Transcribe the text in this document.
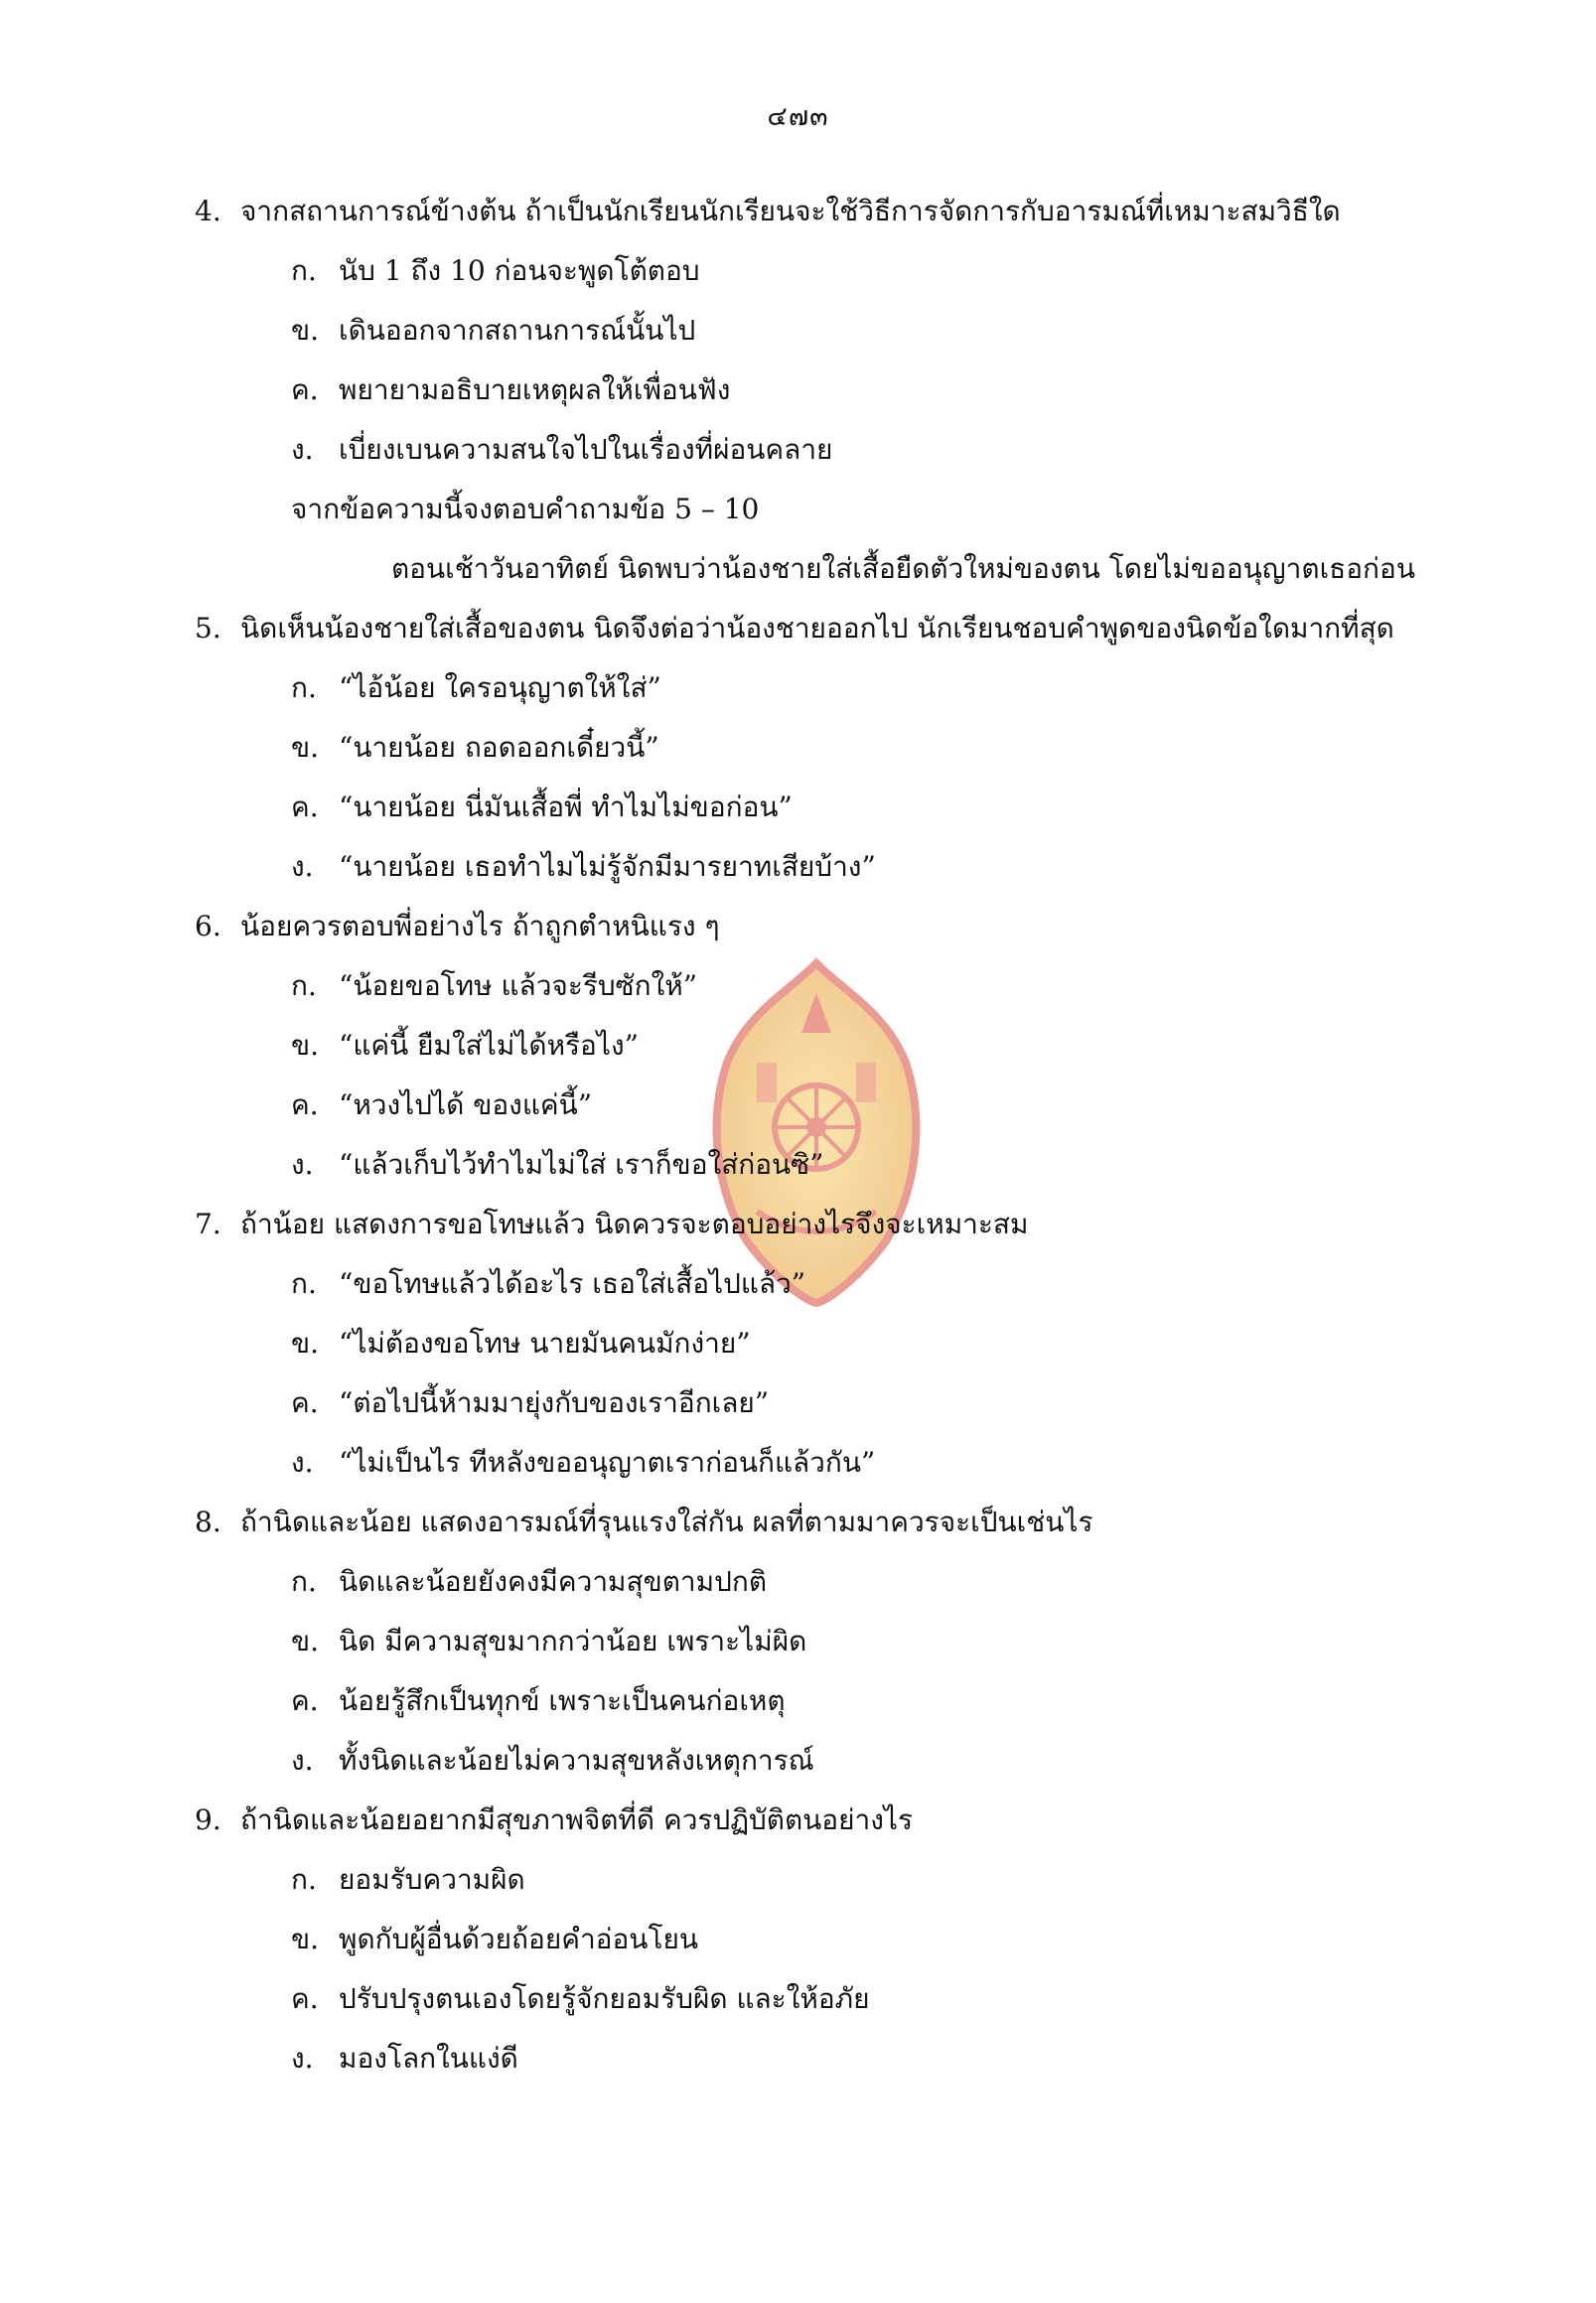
๔๗๓
4. จากสถานการณ์ข้างต้น ถ้าเป็นนักเรียนนักเรียนจะใช้วิธีการจัดการกับอารมณ์ที่เหมาะสมวิธีใด
ก. นับ 1 ถึง 10 ก่อนจะพูดโต้ตอบ
ข. เดินออกจากสถานการณ์นั้นไป
ค. พยายามอธิบายเหตุผลให้เพื่อนฟัง
ง. เบี่ยงเบนความสนใจไปในเรื่องที่ผ่อนคลาย
จากข้อความนี้จงตอบคำถามข้อ 5 – 10
ตอนเช้าวันอาทิตย์ นิดพบว่าน้องชายใส่เสื้อยืดตัวใหม่ของตน โดยไม่ขออนุญาตเธอก่อน
5. นิดเห็นน้องชายใส่เสื้อของตน นิดจึงต่อว่าน้องชายออกไป นักเรียนชอบคำพูดของนิดข้อใดมากที่สุด
ก. “ไอ้น้อย ใครอนุญาตให้ใส่”
ข. “นายน้อย ถอดออกเดี๋ยวนี้”
ค. “นายน้อย นี่มันเสื้อพี่ ทำไมไม่ขอก่อน”
ง. “นายน้อย เธอทำไมไม่รู้จักมีมารยาทเสียบ้าง”
6. น้อยควรตอบพี่อย่างไร ถ้าถูกตำหนิแรง ๆ
ก. “น้อยขอโทษ แล้วจะรีบซักให้”
ข. “แค่นี้ ยืมใส่ไม่ได้หรือไง”
ค. “หวงไปได้ ของแค่นี้”
ง. “แล้วเก็บไว้ทำไมไม่ใส่ เราก็ขอใส่ก่อนซิ”
7. ถ้าน้อย แสดงการขอโทษแล้ว นิดควรจะตอบอย่างไรจึงจะเหมาะสม
ก. “ขอโทษแล้วได้อะไร เธอใส่เสื้อไปแล้ว”
ข. “ไม่ต้องขอโทษ นายมันคนมักง่าย”
ค. “ต่อไปนี้ห้ามมายุ่งกับของเราอีกเลย”
ง. “ไม่เป็นไร ทีหลังขออนุญาตเราก่อนก็แล้วกัน”
8. ถ้านิดและน้อย แสดงอารมณ์ที่รุนแรงใส่กัน ผลที่ตามมาควรจะเป็นเช่นไร
ก. นิดและน้อยยังคงมีความสุขตามปกติ
ข. นิด มีความสุขมากกว่าน้อย เพราะไม่ผิด
ค. น้อยรู้สึกเป็นทุกข์ เพราะเป็นคนก่อเหตุ
ง. ทั้งนิดและน้อยไม่ความสุขหลังเหตุการณ์
9. ถ้านิดและน้อยอยากมีสุขภาพจิตที่ดี ควรปฏิบัติตนอย่างไร
ก. ยอมรับความผิด
ข. พูดกับผู้อื่นด้วยถ้อยคำอ่อนโยน
ค. ปรับปรุงตนเองโดยรู้จักยอมรับผิด และให้อภัย
ง. มองโลกในแง่ดี
